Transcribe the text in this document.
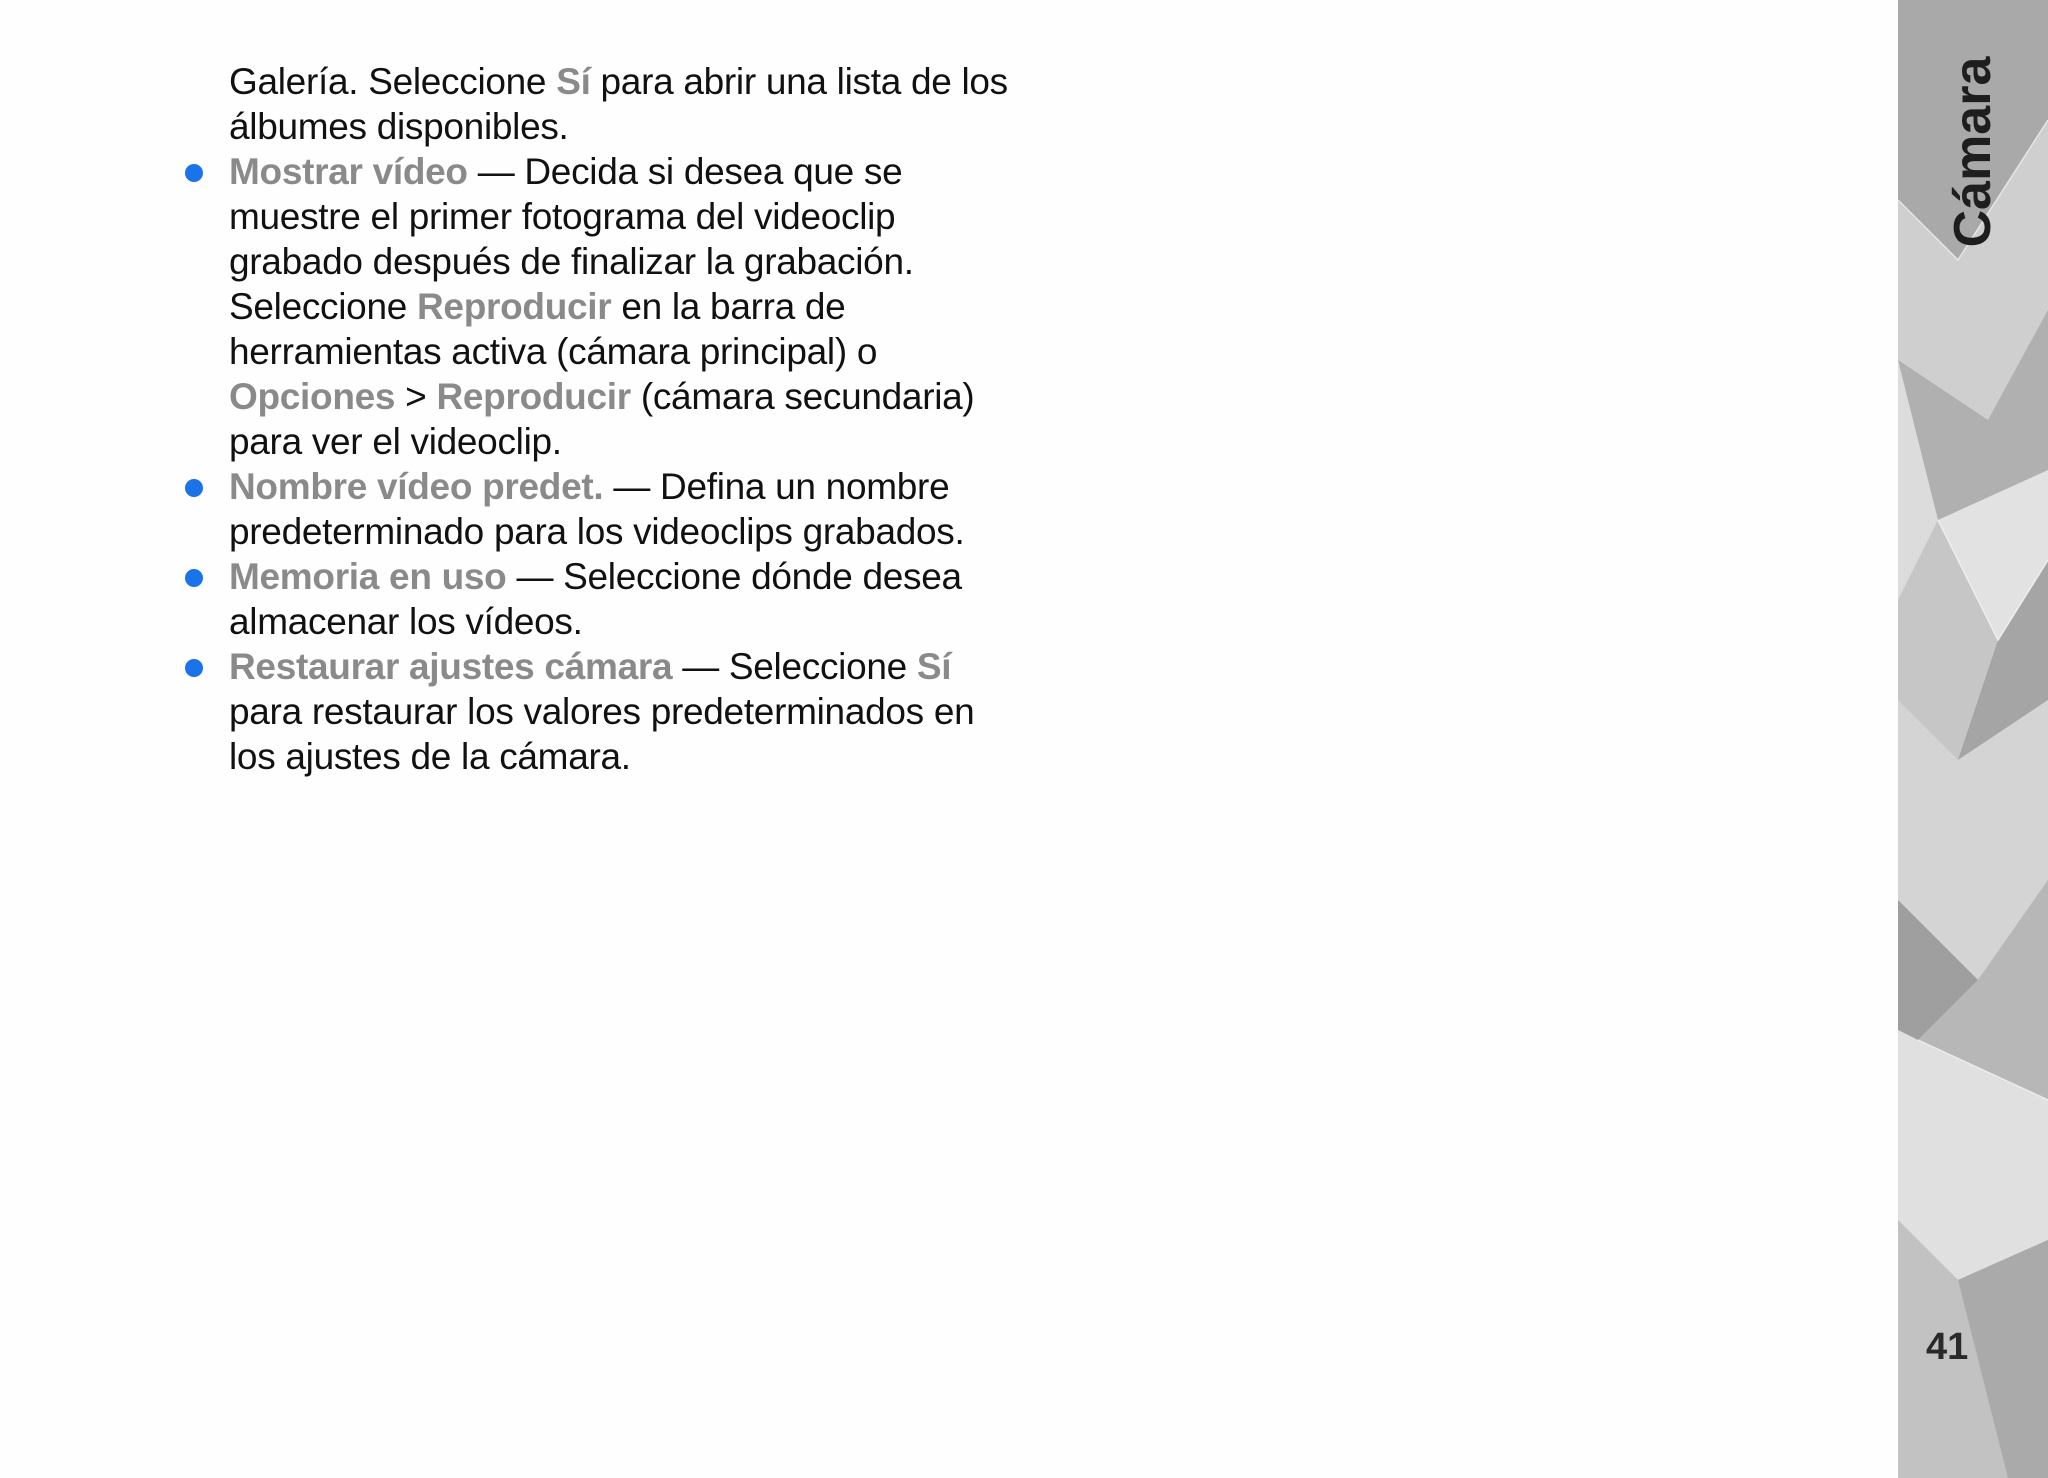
Galería. Seleccione Sí para abrir una lista de los álbumes disponibles.

Mostrar vídeo — Decida si desea que se muestre el primer fotograma del videoclip grabado después de finalizar la grabación. Seleccione Reproducir en la barra de herramientas activa (cámara principal) o Opciones > Reproducir (cámara secundaria) para ver el videoclip.
Nombre vídeo predet. — Defina un nombre predeterminado para los videoclips grabados.
Memoria en uso — Seleccione dónde desea almacenar los vídeos.
Restaurar ajustes cámara — Seleccione Sí para restaurar los valores predeterminados en los ajustes de la cámara.
Cámara
41
